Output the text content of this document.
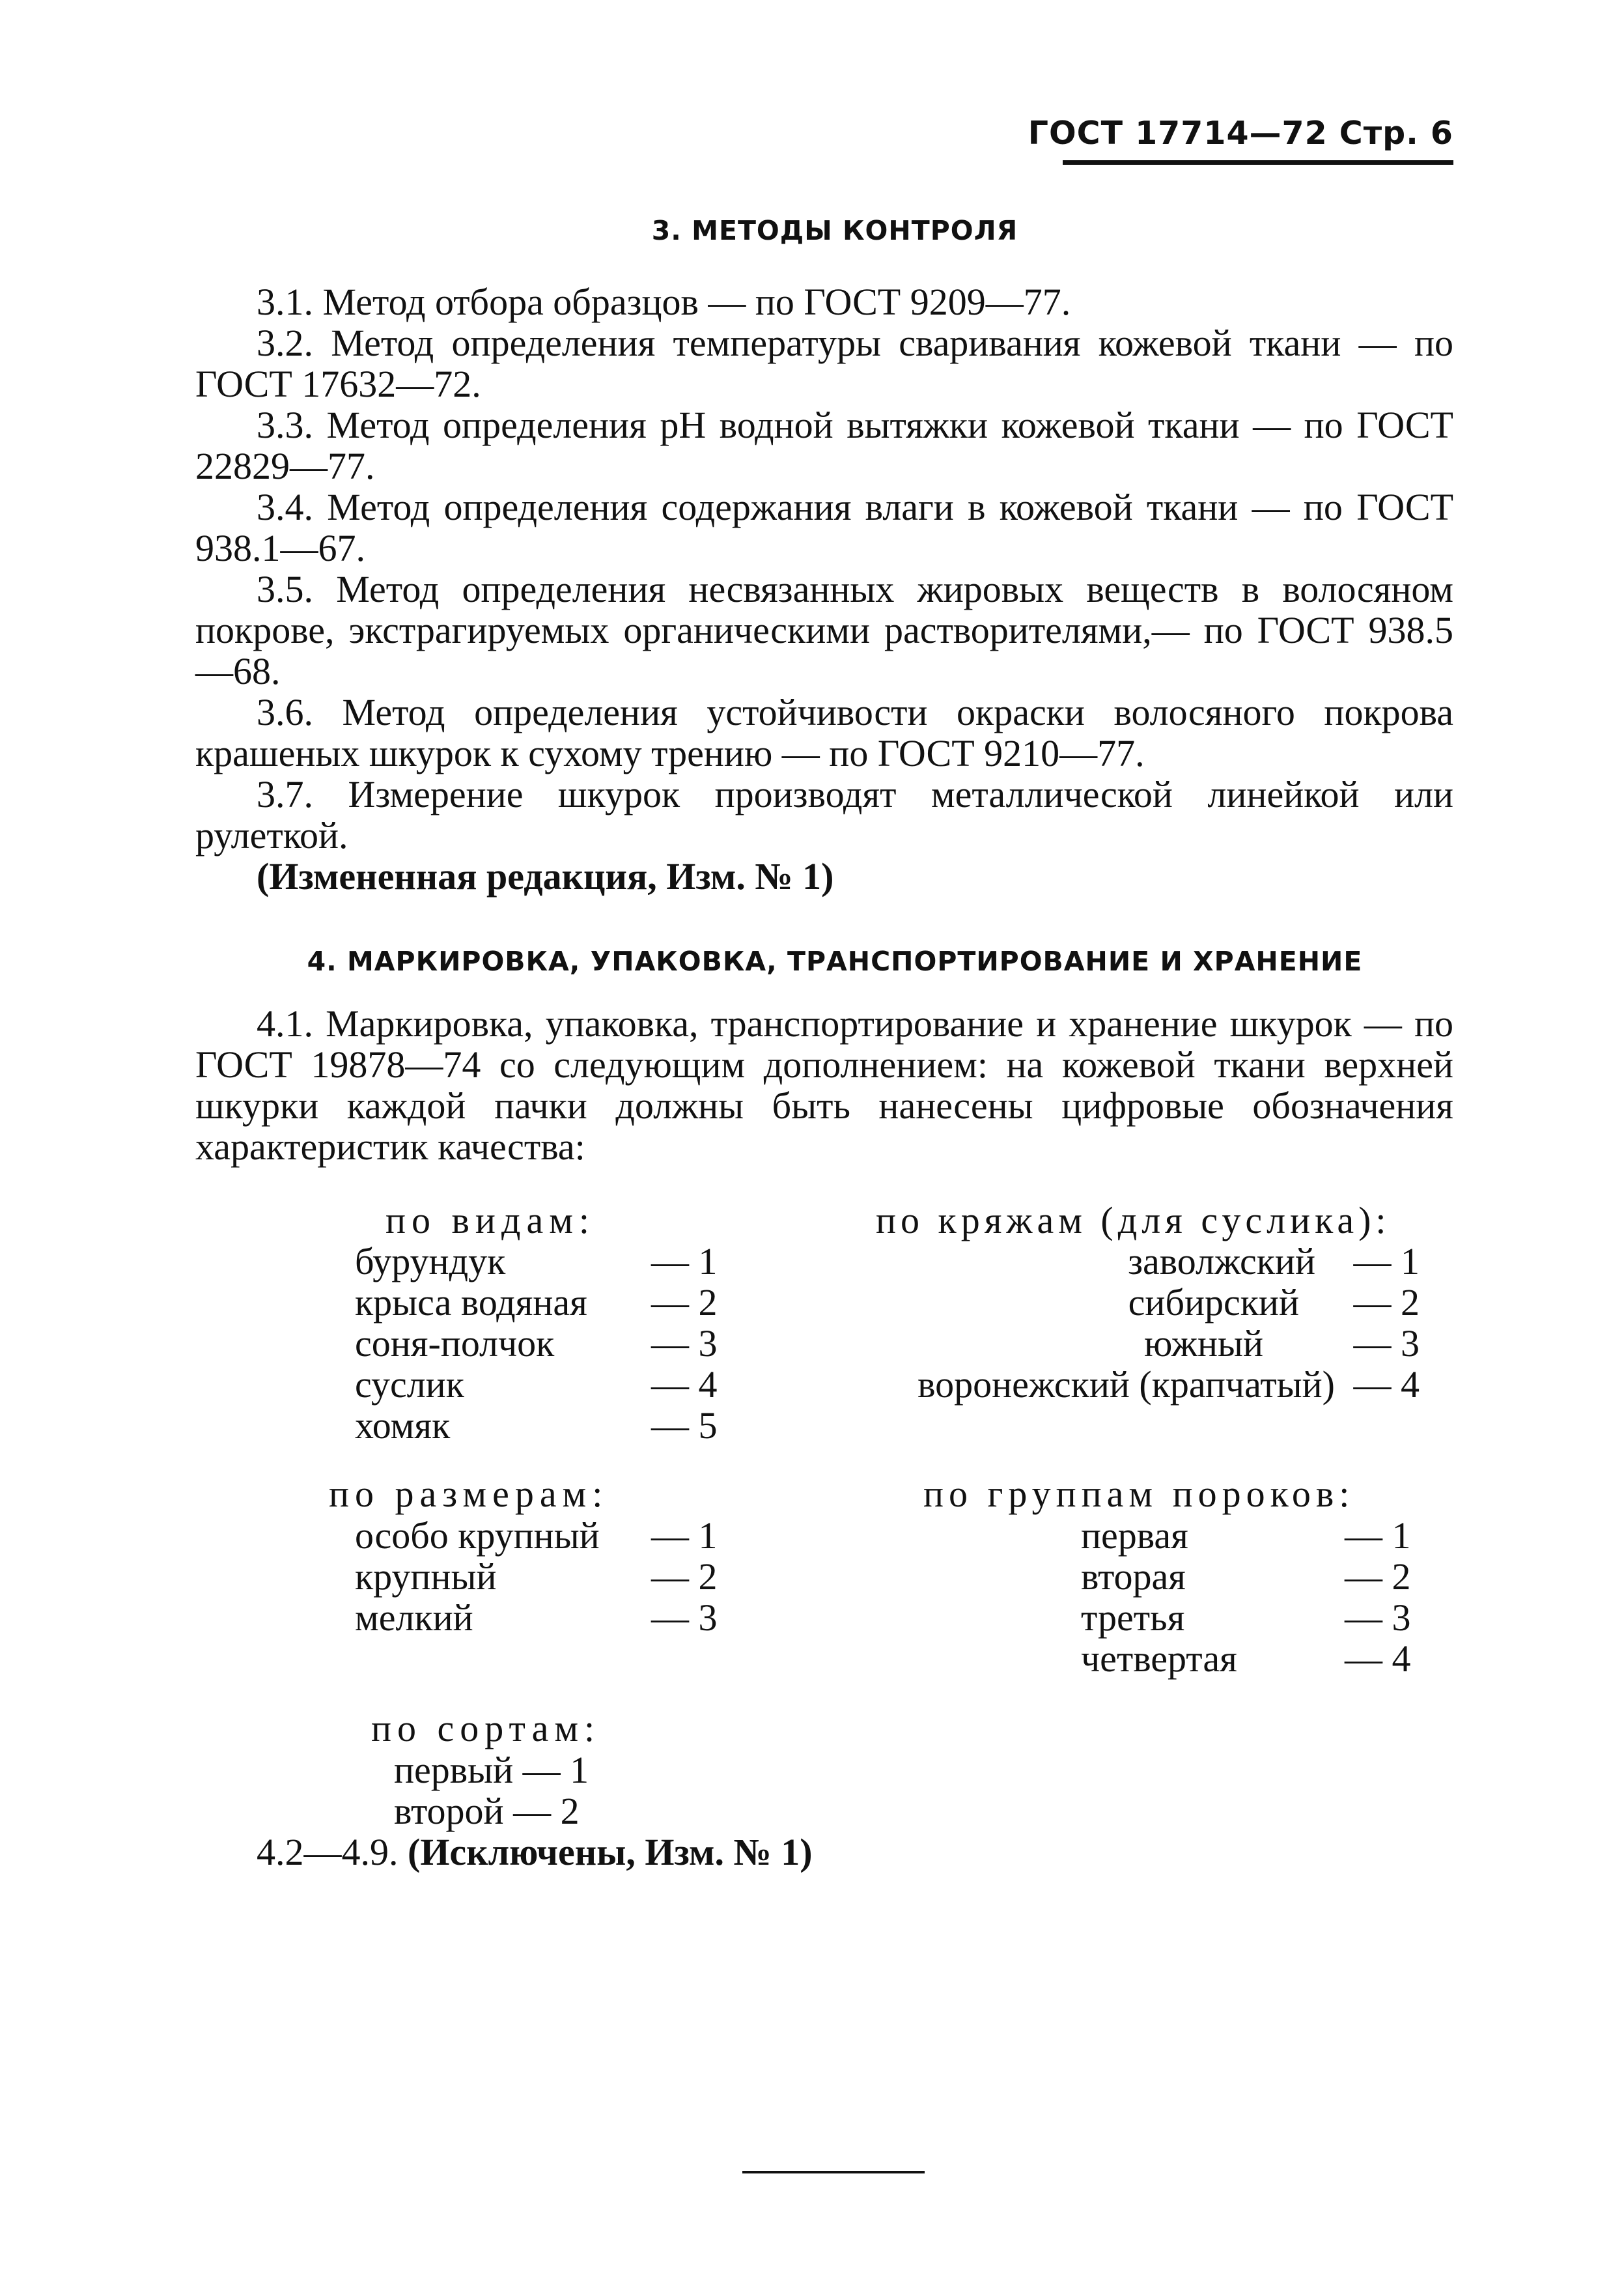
ГОСТ 17714—72 Стр. 6
3. МЕТОДЫ КОНТРОЛЯ

3.1. Метод отбора образцов — по ГОСТ 9209—77.

3.2. Метод определения температуры сваривания кожевой ткани — по ГОСТ 17632—72.

3.3. Метод определения pH водной вытяжки кожевой ткани — по ГОСТ 22829—77.

3.4. Метод определения содержания влаги в кожевой ткани — по ГОСТ 938.1—67.

3.5. Метод определения несвязанных жировых веществ в волосяном покрове, экстрагируемых органическими растворителями,— по ГОСТ 938.5—68.

3.6. Метод определения устойчивости окраски волосяного покрова крашеных шкурок к сухому трению — по ГОСТ 9210—77.

3.7. Измерение шкурок производят металлической линейкой или рулеткой.

(Измененная редакция, Изм. № 1)

4. МАРКИРОВКА, УПАКОВКА, ТРАНСПОРТИРОВАНИЕ И ХРАНЕНИЕ

4.1. Маркировка, упаковка, транспортирование и хранение шкурок — по ГОСТ 19878—74 со следующим дополнением: на кожевой ткани верхней шкурки каждой пачки должны быть нанесены цифровые обозначения характеристик качества:

по видам:
бурундук	— 1

крыса водяная — 2

соня-полчок	— 3

суслик	— 4

хомяк	— 5

по кряжам (для суслика):
заволжский — 1

сибирский — 2

южный — 3

воронежский (крапчатый) — 4

по размерам:
особо крупный — 1

крупный	— 2

мелкий	— 3

по группам пороков:
первая	— 1

вторая	— 2

третья	— 3

четвертая	— 4

по сортам:
первый — 1
второй — 2
4.2—4.9. (Исключены, Изм. № 1)
